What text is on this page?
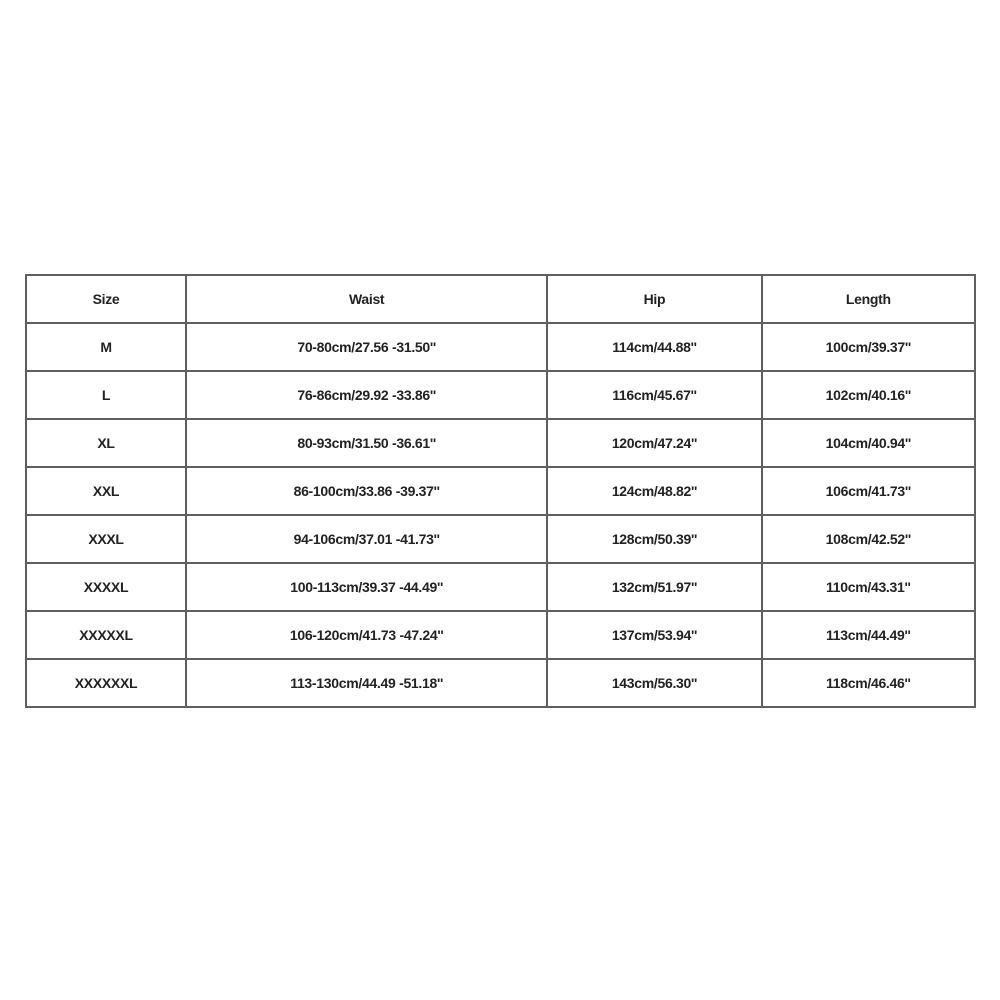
Size	Waist	Hip	Length
M	70-80cm/27.56 -31.50''	114cm/44.88''	100cm/39.37''
L	76-86cm/29.92 -33.86''	116cm/45.67''	102cm/40.16''
XL	80-93cm/31.50 -36.61''	120cm/47.24''	104cm/40.94''
XXL	86-100cm/33.86 -39.37''	124cm/48.82''	106cm/41.73''
XXXL	94-106cm/37.01 -41.73''	128cm/50.39''	108cm/42.52''
XXXXL	100-113cm/39.37 -44.49''	132cm/51.97''	110cm/43.31''
XXXXXL	106-120cm/41.73 -47.24''	137cm/53.94''	113cm/44.49''
XXXXXXL	113-130cm/44.49 -51.18''	143cm/56.30''	118cm/46.46''
